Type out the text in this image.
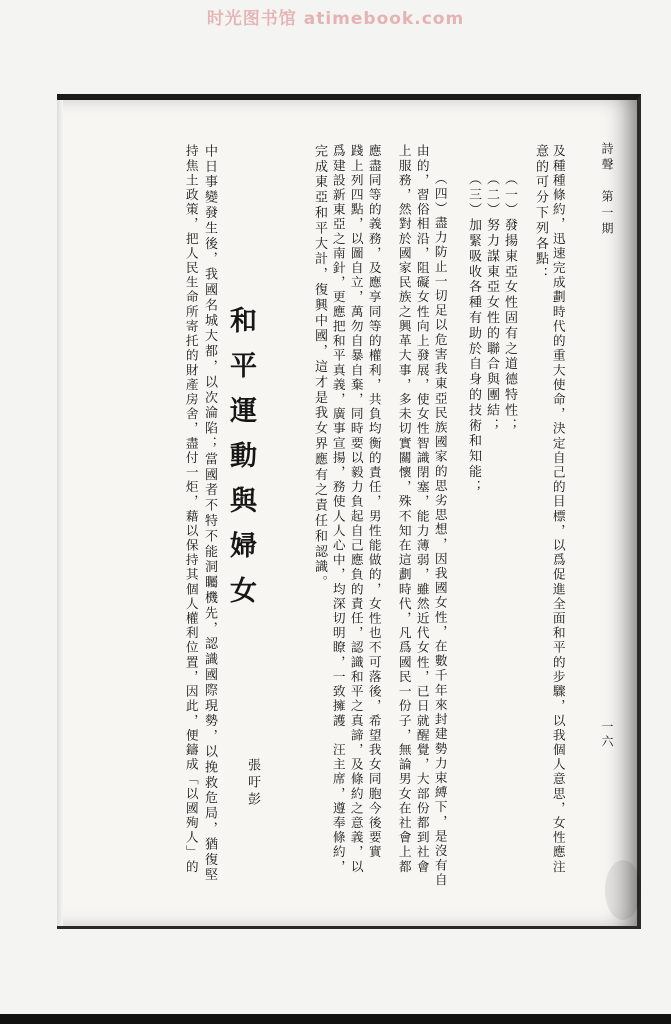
时光图书馆 atimebook.com
詩聲　第一期
一六
及種種條約，迅速完成劃時代的重大使命，決定自己的目標，以爲促進全面和平的步驟，以我個人意思，女性應注
意的可分下列各點：
（一）發揚東亞女性固有之道德特性；
（二）努力謀東亞女性的聯合與團結；
（三）加緊吸收各種有助於自身的技術和知能；
（四）盡力防止一切足以危害我東亞民族國家的思劣思想，因我國女性，在數千年來封建勢力束縛下，是沒有自
由的，習俗相沿，阻礙女性向上發展，使女性智識閉塞，能力薄弱，雖然近代女性，已日就醒覺，大部份都到社會
上服務，然對於國家民族之興革大事，多未切實關懷，殊不知在這劃時代，凡爲國民一份子，無論男女在社會上都
應盡同等的義務，及應享同等的權利，共負均衡的責任，男性能做的，女性也不可落後，希望我女同胞今後要實
踐上列四點，以圖自立，萬勿自暴自棄，同時要以毅力負起自己應負的責任，認識和平之真諦，及條約之意義，以
爲建設新東亞之南針，更應把和平真義，廣事宣揚，務使人人心中，均深切明瞭，一致擁護　汪主席，遵奉條約，
完成東亞和平大計，復興中國，這才是我女界應有之責任和認識。
和平運動與婦女
張吁彭
中日事變發生後，我國名城大都，以次淪陷；當國者不特不能洞矚機先，認識國際現勢，以挽救危局，猶復堅
持焦土政策，把人民生命所寄托的財產房舍，盡付一炬，藉以保持其個人權利位置，因此，便鑄成「以國殉人」的
